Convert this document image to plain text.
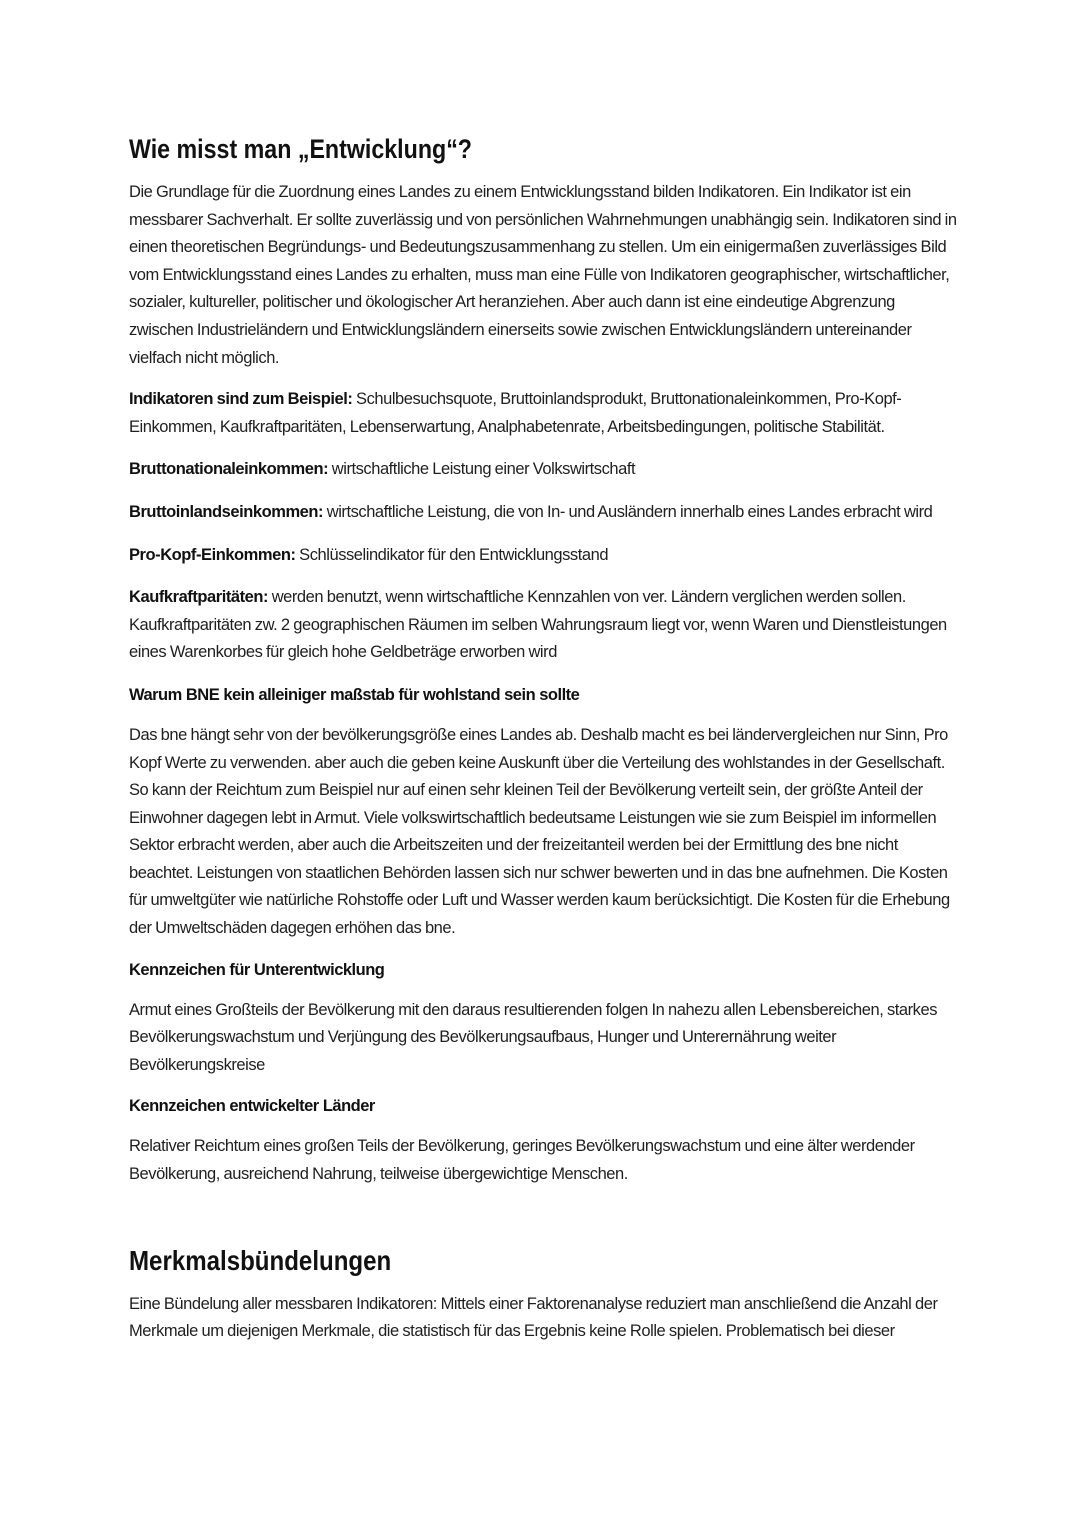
Wie misst man „Entwicklung“?

Die Grundlage für die Zuordnung eines Landes zu einem Entwicklungsstand bilden Indikatoren. Ein Indikator ist ein messbarer Sachverhalt. Er sollte zuverlässig und von persönlichen Wahrnehmungen unabhängig sein. Indikatoren sind in einen theoretischen Begründungs- und Bedeutungszusammenhang zu stellen. Um ein einigermaßen zuverlässiges Bild vom Entwicklungsstand eines Landes zu erhalten, muss man eine Fülle von Indikatoren geographischer, wirtschaftlicher, sozialer, kultureller, politischer und ökologischer Art heranziehen. Aber auch dann ist eine eindeutige Abgrenzung zwischen Industrieländern und Entwicklungsländern einerseits sowie zwischen Entwicklungsländern untereinander vielfach nicht möglich.

Indikatoren sind zum Beispiel: Schulbesuchsquote, Bruttoinlandsprodukt, Bruttonationaleinkommen, Pro-Kopf-Einkommen, Kaufkraftparitäten, Lebenserwartung, Analphabetenrate, Arbeitsbedingungen, politische Stabilität.

Bruttonationaleinkommen: wirtschaftliche Leistung einer Volkswirtschaft

Bruttoinlandseinkommen: wirtschaftliche Leistung, die von In- und Ausländern innerhalb eines Landes erbracht wird

Pro-Kopf-Einkommen: Schlüsselindikator für den Entwicklungsstand

Kaufkraftparitäten: werden benutzt, wenn wirtschaftliche Kennzahlen von ver. Ländern verglichen werden sollen. Kaufkraftparitäten zw. 2 geographischen Räumen im selben Wahrungsraum liegt vor, wenn Waren und Dienstleistungen eines Warenkorbes für gleich hohe Geldbeträge erworben wird

Warum BNE kein alleiniger maßstab für wohlstand sein sollte

Das bne hängt sehr von der bevölkerungsgröße eines Landes ab. Deshalb macht es bei ländervergleichen nur Sinn, Pro Kopf Werte zu verwenden. aber auch die geben keine Auskunft über die Verteilung des wohlstandes in der Gesellschaft. So kann der Reichtum zum Beispiel nur auf einen sehr kleinen Teil der Bevölkerung verteilt sein, der größte Anteil der Einwohner dagegen lebt in Armut. Viele volkswirtschaftlich bedeutsame Leistungen wie sie zum Beispiel im informellen Sektor erbracht werden, aber auch die Arbeitszeiten und der freizeitanteil werden bei der Ermittlung des bne nicht beachtet. Leistungen von staatlichen Behörden lassen sich nur schwer bewerten und in das bne aufnehmen. Die Kosten für umweltgüter wie natürliche Rohstoffe oder Luft und Wasser werden kaum berücksichtigt. Die Kosten für die Erhebung der Umweltschäden dagegen erhöhen das bne.

Kennzeichen für Unterentwicklung

Armut eines Großteils der Bevölkerung mit den daraus resultierenden folgen In nahezu allen Lebensbereichen, starkes Bevölkerungswachstum und Verjüngung des Bevölkerungsaufbaus, Hunger und Unterernährung weiter Bevölkerungskreise

Kennzeichen entwickelter Länder

Relativer Reichtum eines großen Teils der Bevölkerung, geringes Bevölkerungswachstum und eine älter werdender Bevölkerung, ausreichend Nahrung, teilweise übergewichtige Menschen.

Merkmalsbündelungen

Eine Bündelung aller messbaren Indikatoren: Mittels einer Faktorenanalyse reduziert man anschließend die Anzahl der Merkmale um diejenigen Merkmale, die statistisch für das Ergebnis keine Rolle spielen. Problematisch bei dieser
